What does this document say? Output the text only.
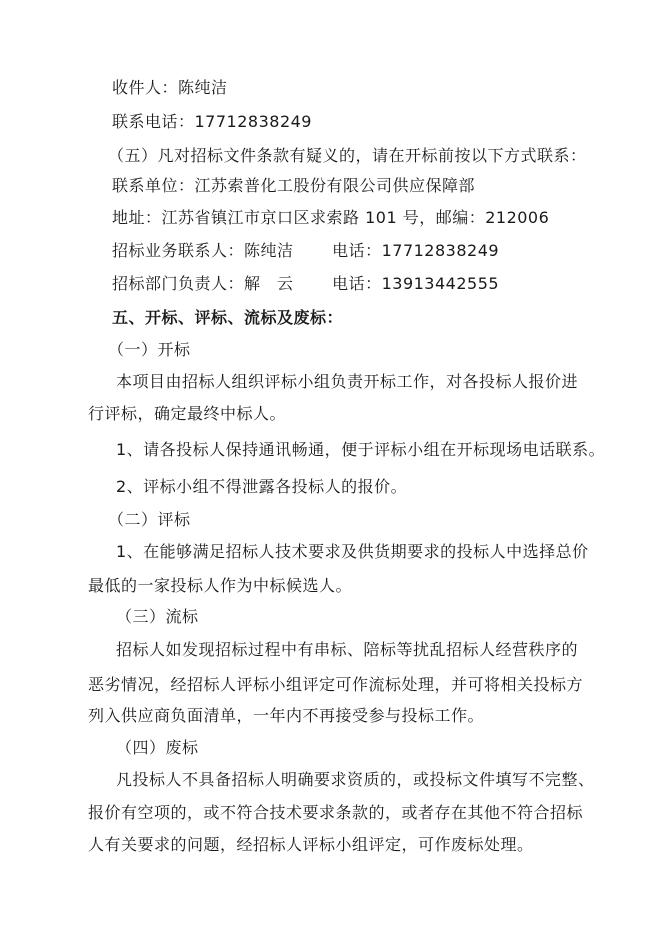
收件人：陈纯洁
联系电话：17712838249
（五）凡对招标文件条款有疑义的，请在开标前按以下方式联系：
联系单位：江苏索普化工股份有限公司供应保障部
地址：江苏省镇江市京口区求索路 101 号，邮编：212006
招标业务联系人：陈纯洁　　 电话：17712838249
招标部门负责人：解　云　　 电话：13913442555
五、开标、评标、流标及废标：
（一）开标
本项目由招标人组织评标小组负责开标工作，对各投标人报价进
行评标，确定最终中标人。
1、请各投标人保持通讯畅通，便于评标小组在开标现场电话联系。
2、评标小组不得泄露各投标人的报价。
（二）评标
1、在能够满足招标人技术要求及供货期要求的投标人中选择总价
最低的一家投标人作为中标候选人。
（三）流标
招标人如发现招标过程中有串标、陪标等扰乱招标人经营秩序的
恶劣情况，经招标人评标小组评定可作流标处理，并可将相关投标方
列入供应商负面清单，一年内不再接受参与投标工作。
（四）废标
凡投标人不具备招标人明确要求资质的，或投标文件填写不完整、
报价有空项的，或不符合技术要求条款的，或者存在其他不符合招标
人有关要求的问题，经招标人评标小组评定，可作废标处理。
